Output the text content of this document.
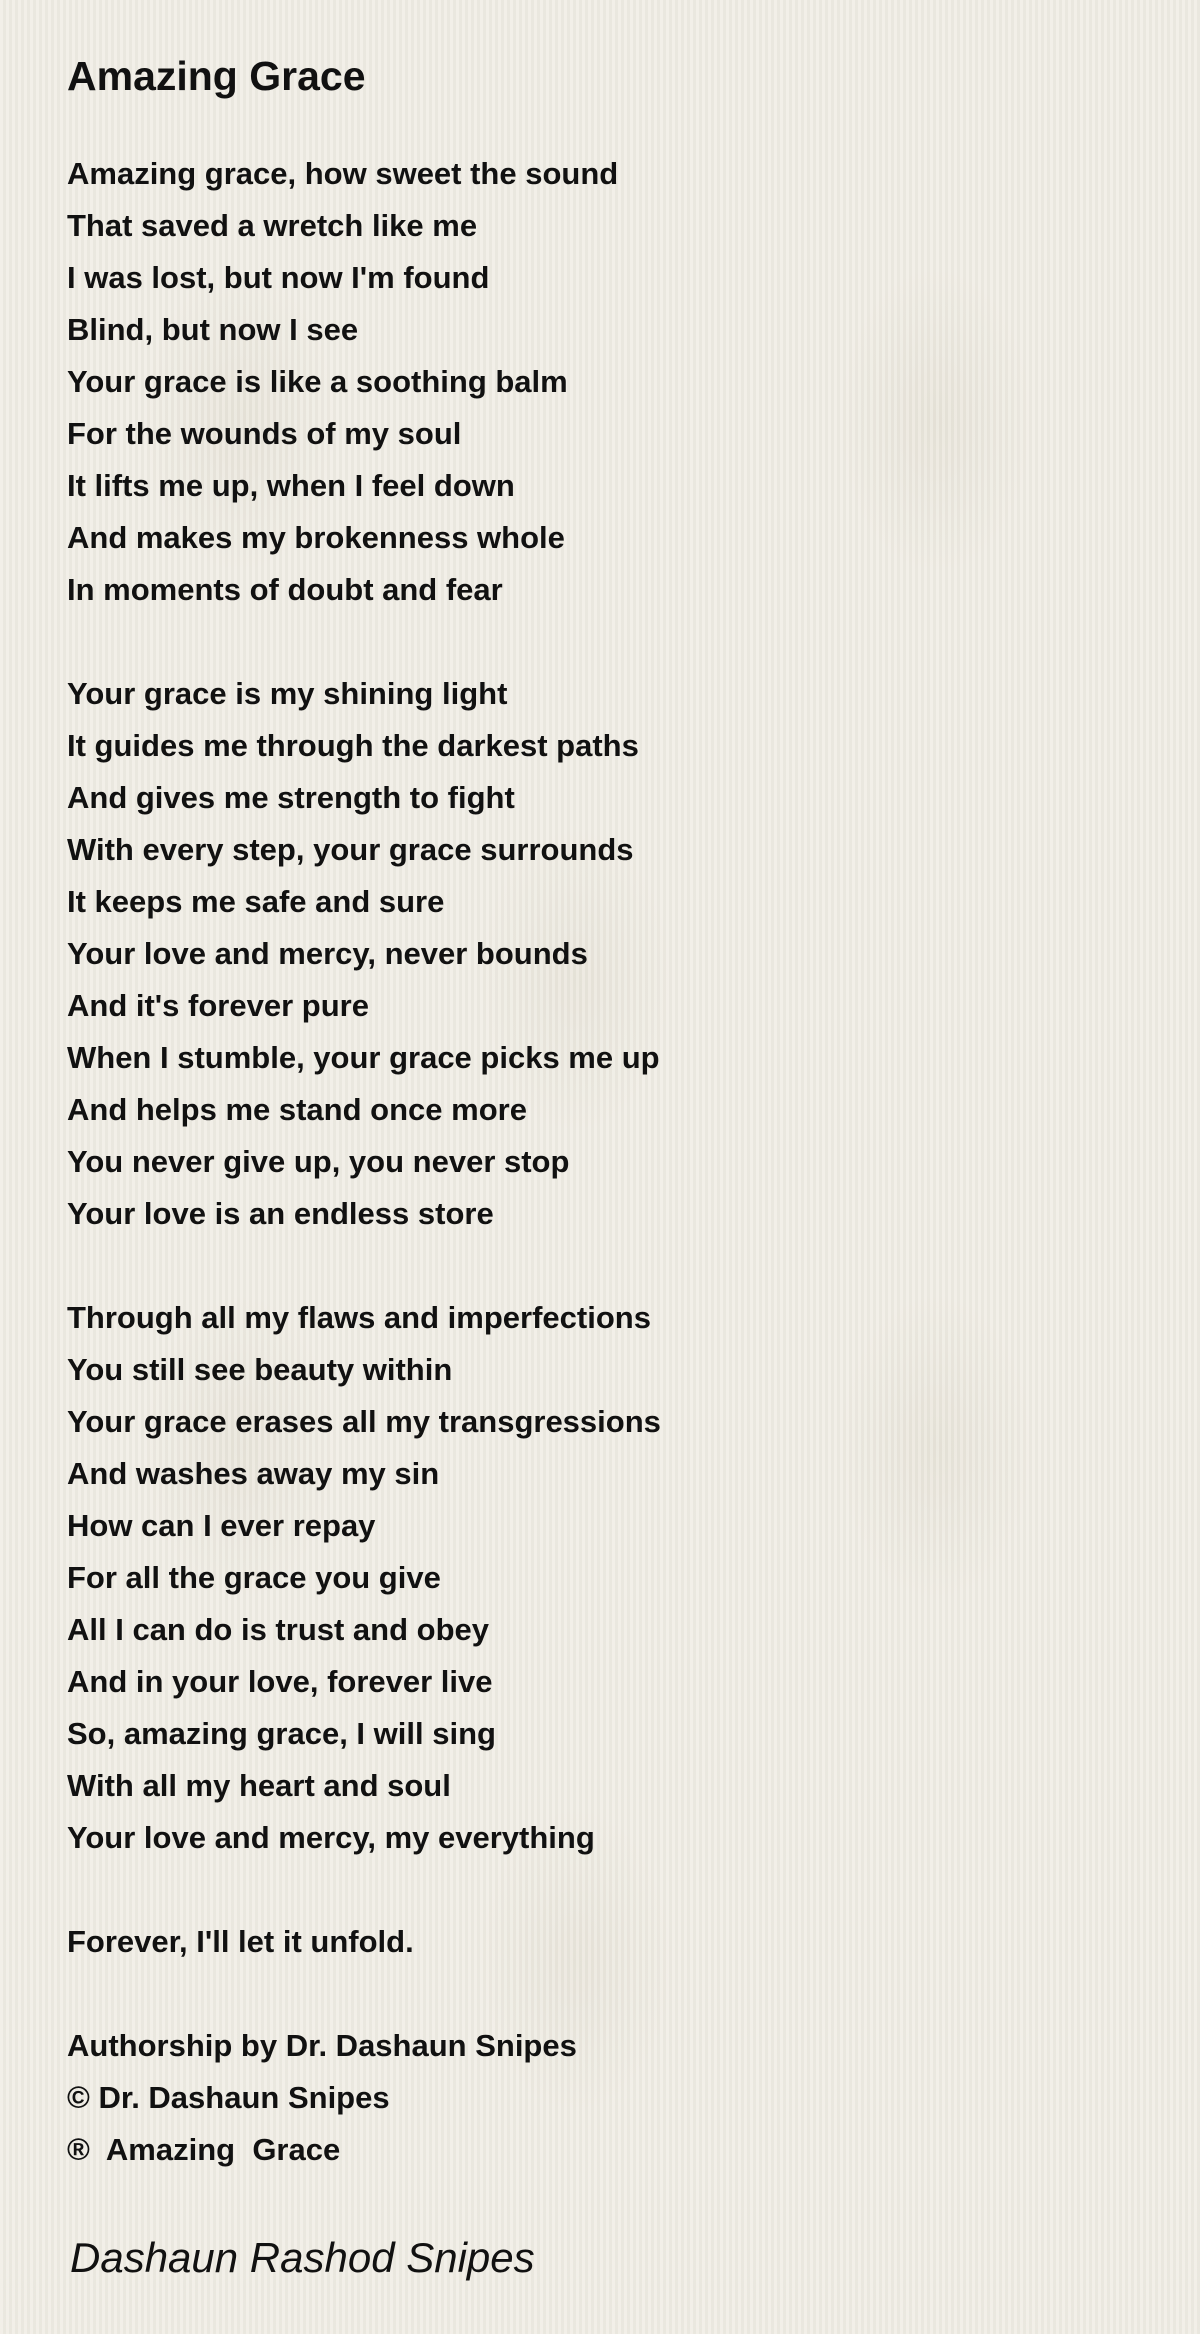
Amazing Grace
Amazing grace, how sweet the sound
That saved a wretch like me
I was lost, but now I'm found
Blind, but now I see
Your grace is like a soothing balm
For the wounds of my soul
It lifts me up, when I feel down
And makes my brokenness whole
In moments of doubt and fear
Your grace is my shining light
It guides me through the darkest paths
And gives me strength to fight
With every step, your grace surrounds
It keeps me safe and sure
Your love and mercy, never bounds
And it's forever pure
When I stumble, your grace picks me up
And helps me stand once more
You never give up, you never stop
Your love is an endless store
Through all my flaws and imperfections
You still see beauty within
Your grace erases all my transgressions
And washes away my sin
How can I ever repay
For all the grace you give
All I can do is trust and obey
And in your love, forever live
So, amazing grace, I will sing
With all my heart and soul
Your love and mercy, my everything
Forever, I'll let it unfold.
Authorship by Dr. Dashaun Snipes
© Dr. Dashaun Snipes
®  Amazing  Grace
Dashaun Rashod Snipes
